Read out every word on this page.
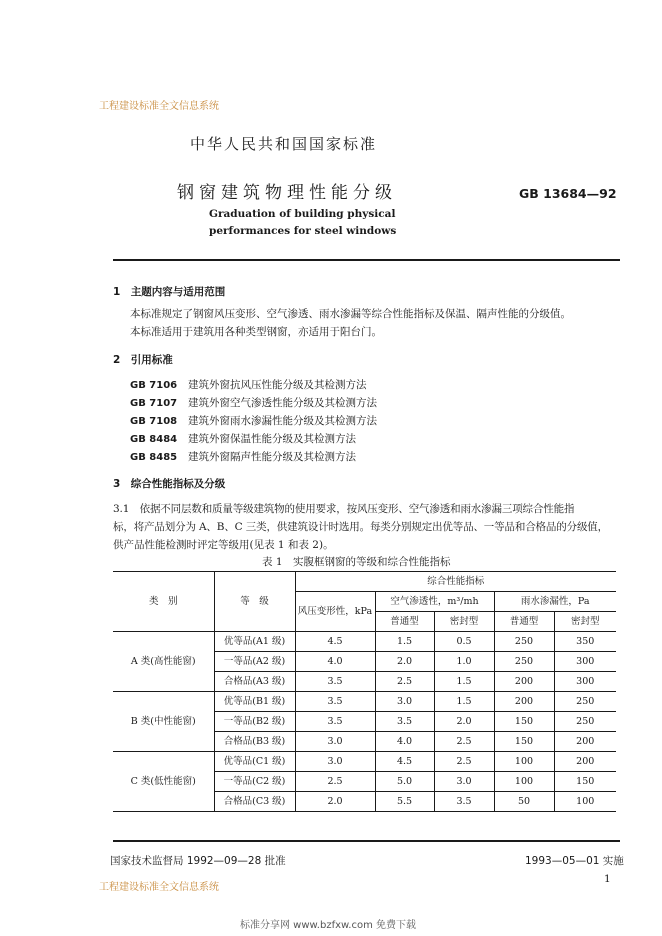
工程建设标准全文信息系统
中华人民共和国国家标准
钢窗建筑物理性能分级	GB 13684—92
Graduation of building physical
performances for steel windows
1　主题内容与适用范围
本标准规定了钢窗风压变形、空气渗透、雨水渗漏等综合性能指标及保温、隔声性能的分级值。
本标准适用于建筑用各种类型钢窗，亦适用于阳台门。
2　引用标准
GB 7106 建筑外窗抗风压性能分级及其检测方法
GB 7107 建筑外窗空气渗透性能分级及其检测方法
GB 7108 建筑外窗雨水渗漏性能分级及其检测方法
GB 8484 建筑外窗保温性能分级及其检测方法
GB 8485 建筑外窗隔声性能分级及其检测方法
3　综合性能指标及分级
3.1　依据不同层数和质量等级建筑物的使用要求，按风压变形、空气渗透和雨水渗漏三项综合性能指
标，将产品划分为 A、B、C 三类，供建筑设计时选用。每类分别规定出优等品、一等品和合格品的分级值，
供产品性能检测时评定等级用(见表 1 和表 2)。
表 1　实腹框钢窗的等级和综合性能指标
类　别	等　级	综合性能指标				
		风压变形性，kPa	空气渗透性，m³/mh		雨水渗漏性，Pa	
			普通型	密封型	普通型	密封型
A 类(高性能窗)	优等品(A1 级)	4.5	1.5	0.5	250	350
	一等品(A2 级)	4.0	2.0	1.0	250	300
	合格品(A3 级)	3.5	2.5	1.5	200	300
B 类(中性能窗)	优等品(B1 级)	3.5	3.0	1.5	200	250
	一等品(B2 级)	3.5	3.5	2.0	150	250
	合格品(B3 级)	3.0	4.0	2.5	150	200
C 类(低性能窗)	优等品(C1 级)	3.0	4.5	2.5	100	200
	一等品(C2 级)	2.5	5.0	3.0	100	150
	合格品(C3 级)	2.0	5.5	3.5	50	100
国家技术监督局 1992—09—28 批准	1993—05—01 实施
工程建设标准全文信息系统
1
标准分享网 www.bzfxw.com 免费下载
